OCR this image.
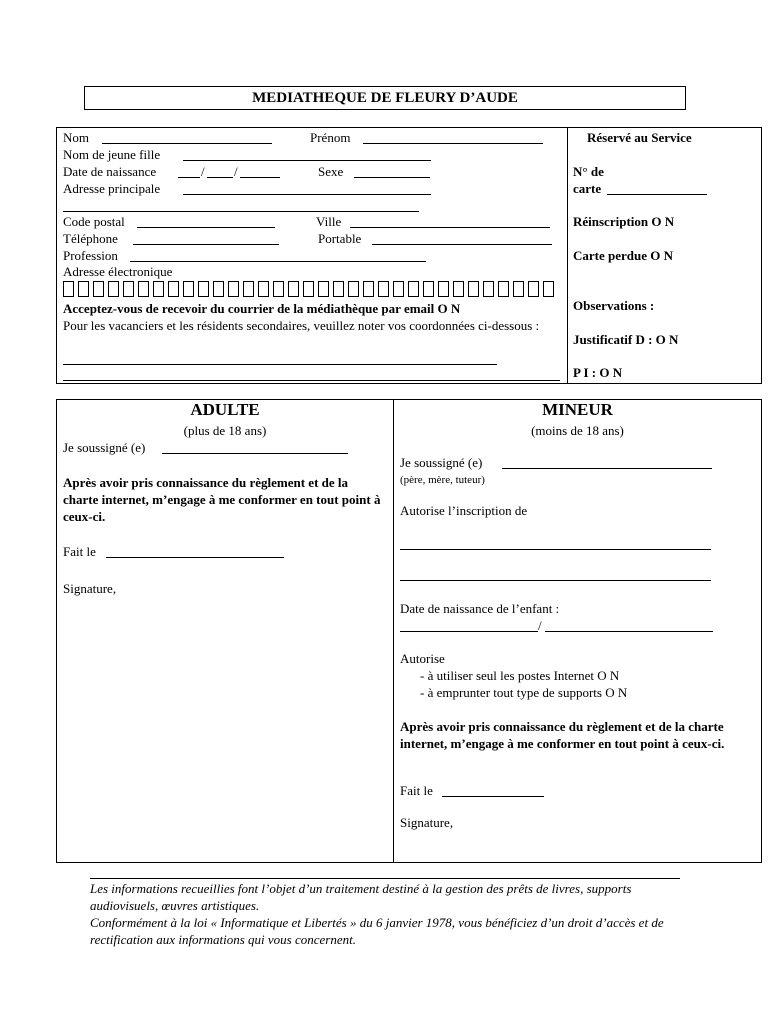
MEDIATHEQUE DE FLEURY D’AUDE
Nom	Prénom
Nom de jeune fille
Date de naissance	/ /	Sexe
Adresse principale
Code postal	Ville
Téléphone	Portable
Profession
Adresse électronique
Acceptez-vous de recevoir du courrier de la médiathèque par email O N
Pour les vacanciers et les résidents secondaires, veuillez noter vos coordonnées ci-dessous :
Réservé au Service
N° de
carte
Réinscription O N
Carte perdue O N
Observations :
Justificatif D : O N
P I : O N
ADULTE
(plus de 18 ans)
Je soussigné (e)
Après avoir pris connaissance du règlement et de la charte internet, m’engage à me conformer en tout point à ceux-ci.
Fait le
Signature,
MINEUR
(moins de 18 ans)
Je soussigné (e)
(père, mère, tuteur)
Autorise l’inscription de
Date de naissance de l’enfant :
/
Autorise
- à utiliser seul les postes Internet O N
- à emprunter tout type de supports O N
Après avoir pris connaissance du règlement et de la charte internet, m’engage à me conformer en tout point à ceux-ci.
Fait le
Signature,
Les informations recueillies font l’objet d’un traitement destiné à la gestion des prêts de livres, supports audiovisuels, œuvres artistiques.
Conformément à la loi « Informatique et Libertés » du 6 janvier 1978, vous bénéficiez d’un droit d’accès et de rectification aux informations qui vous concernent.
